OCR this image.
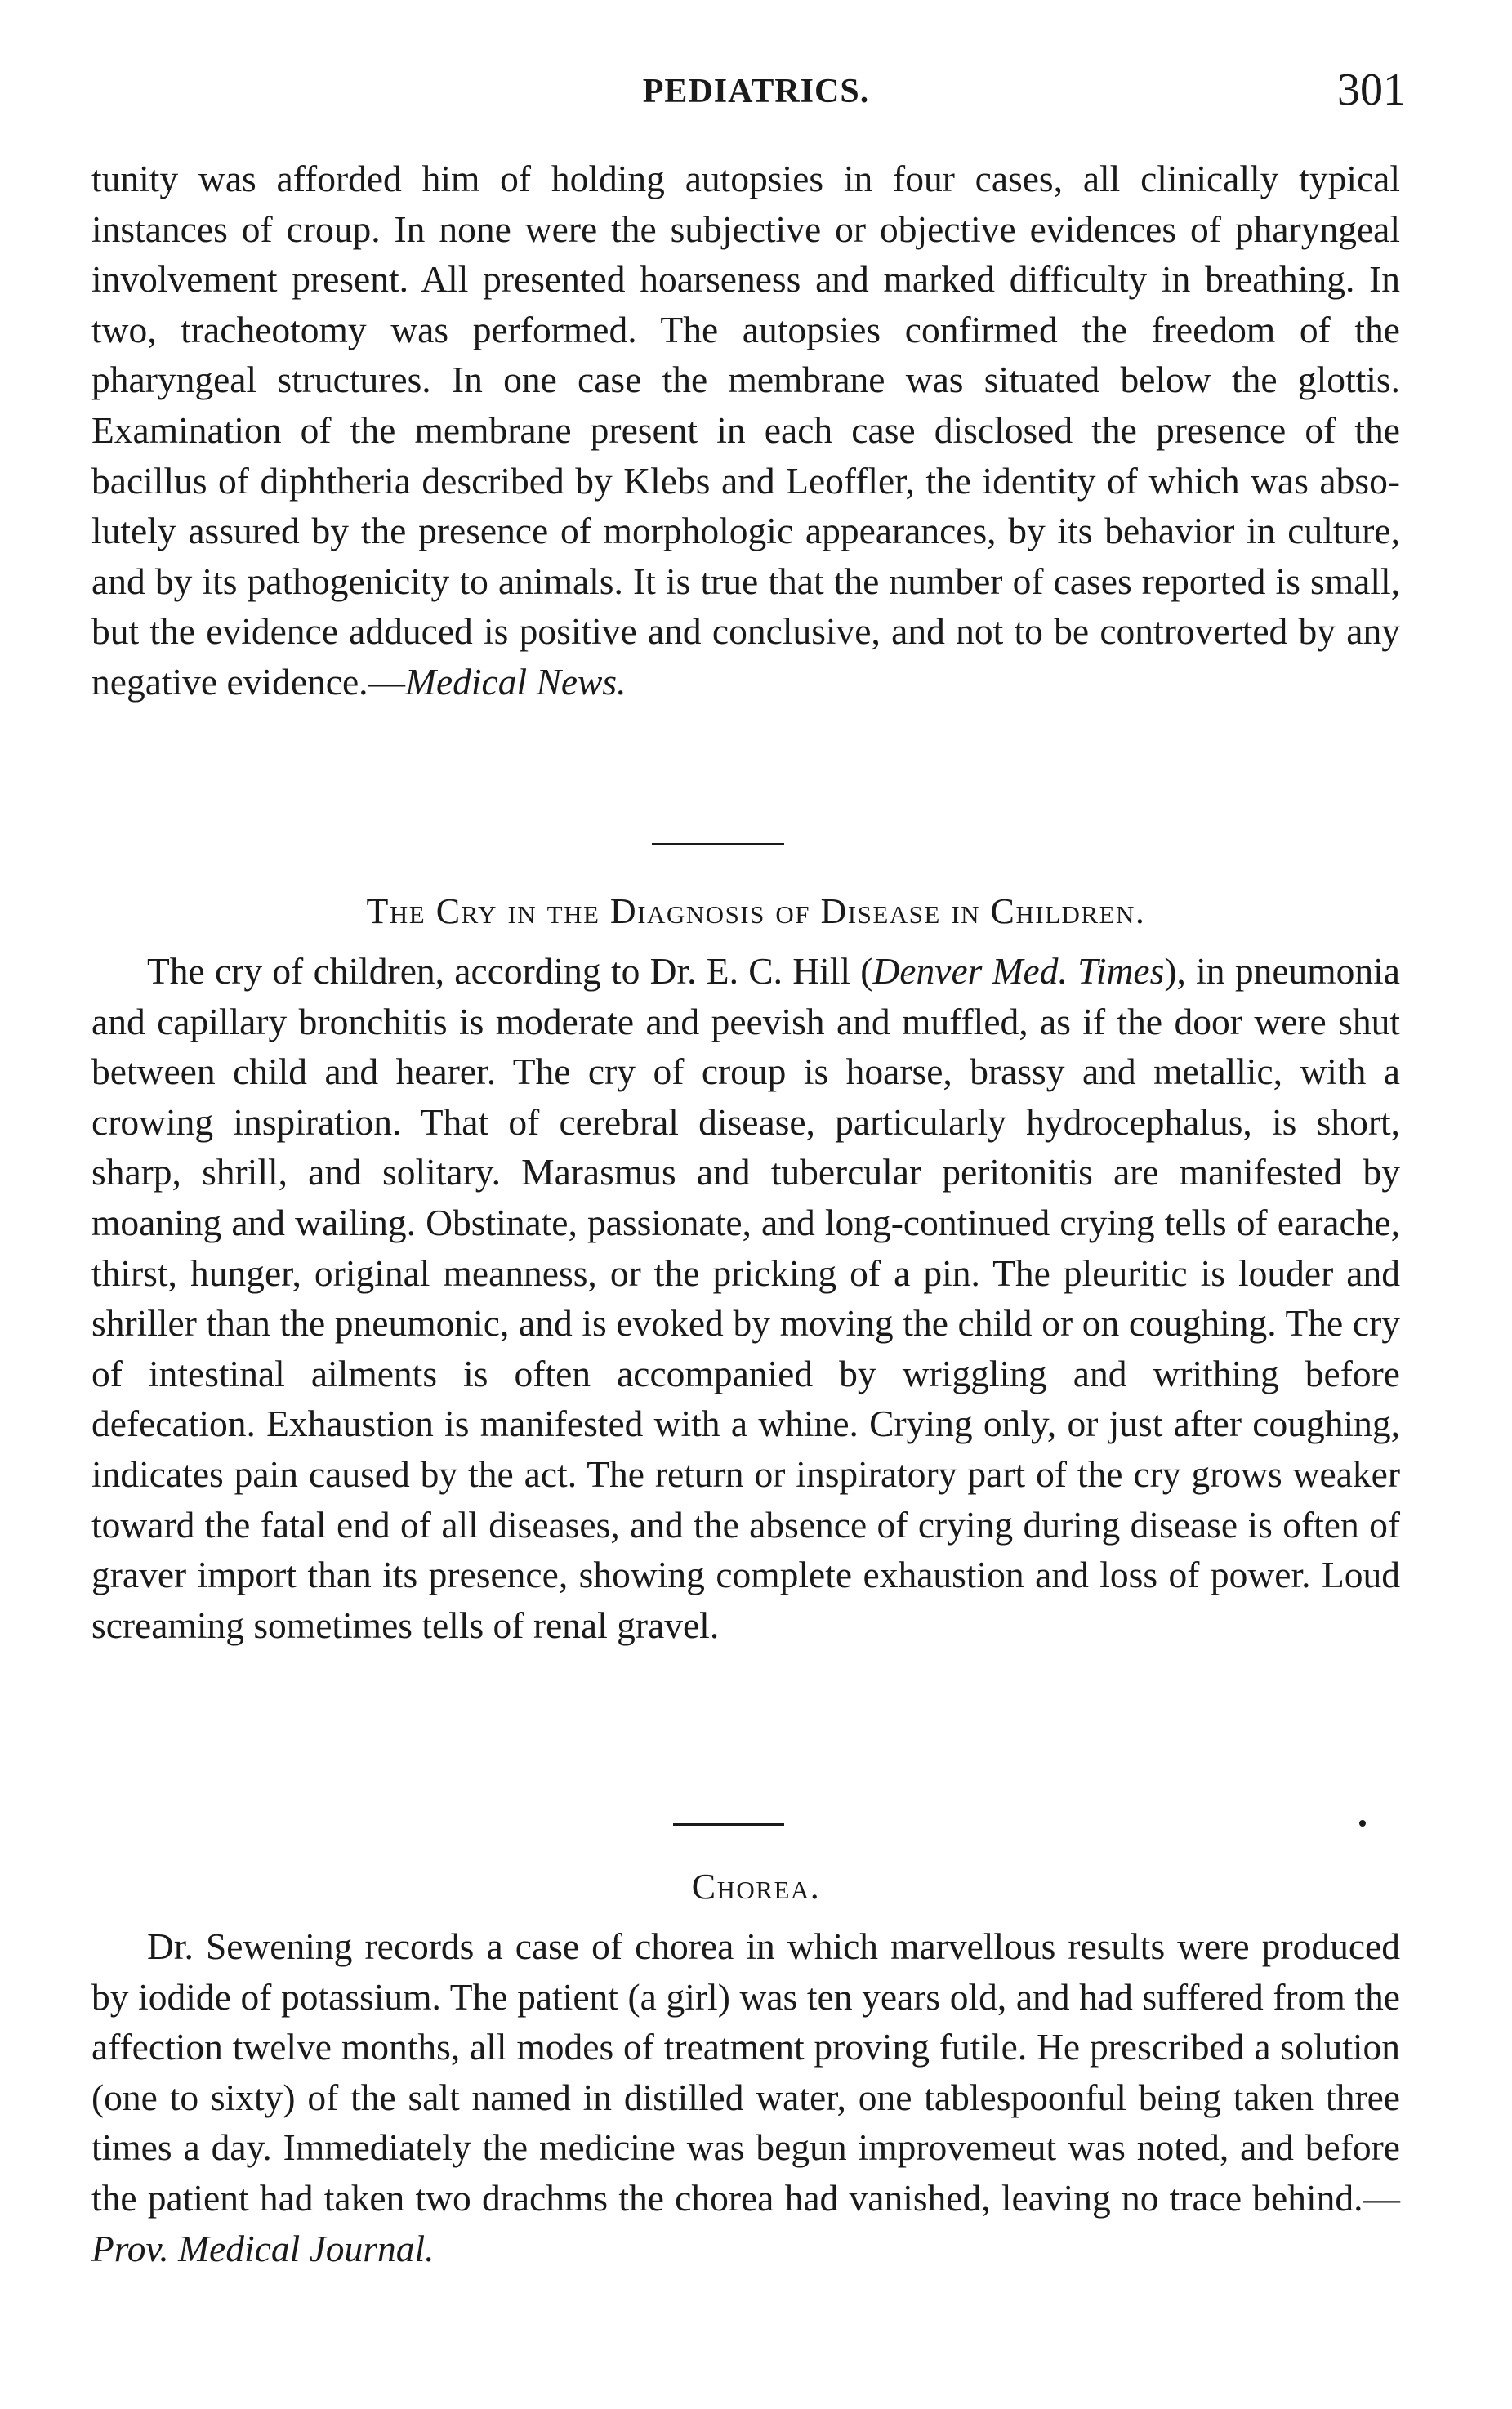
PEDIATRICS.	301

tunity was afforded him of holding autopsies in four cases, all clinically typical instances of croup. In none were the subjective or objective evidences of pharyngeal involvement present. All presented hoarseness and marked difficulty in breathing. In two, tracheotomy was performed. The autopsies confirmed the freedom of the pharyngeal structures. In one case the membrane was situated below the glottis. Examination of the membrane present in each case disclosed the presence of the bacillus of diphtheria described by Klebs and Leoffler, the identity of which was absolutely assured by the presence of morphologic appearances, by its behavior in culture, and by its pathogenicity to animals. It is true that the number of cases reported is small, but the evidence adduced is positive and conclusive, and not to be controverted by any negative evidence.—Medical News.

The Cry in the Diagnosis of Disease in Children.

The cry of children, according to Dr. E. C. Hill (Denver Med. Times), in pneumonia and capillary bronchitis is moderate and peevish and muffled, as if the door were shut between child and hearer. The cry of croup is hoarse, brassy and metallic, with a crowing inspiration. That of cerebral disease, particularly hydrocephalus, is short, sharp, shrill, and solitary. Marasmus and tubercular peritonitis are manifested by moaning and wailing. Obstinate, passionate, and long-continued crying tells of earache, thirst, hunger, original meanness, or the pricking of a pin. The pleuritic is louder and shriller than the pneumonic, and is evoked by moving the child or on coughing. The cry of intestinal ailments is often accompanied by wriggling and writhing before defecation. Exhaustion is manifested with a whine. Crying only, or just after coughing, indicates pain caused by the act. The return or inspiratory part of the cry grows weaker toward the fatal end of all diseases, and the absence of crying during disease is often of graver import than its presence, showing complete exhaustion and loss of power. Loud screaming sometimes tells of renal gravel.

Chorea.

Dr. Sewening records a case of chorea in which marvellous results were produced by iodide of potassium. The patient (a girl) was ten years old, and had suffered from the affection twelve months, all modes of treatment proving futile. He prescribed a solution (one to sixty) of the salt named in distilled water, one tablespoonful being taken three times a day. Immediately the medicine was begun improvemeut was noted, and before the patient had taken two drachms the chorea had vanished, leaving no trace behind.—Prov. Medical Journal.
